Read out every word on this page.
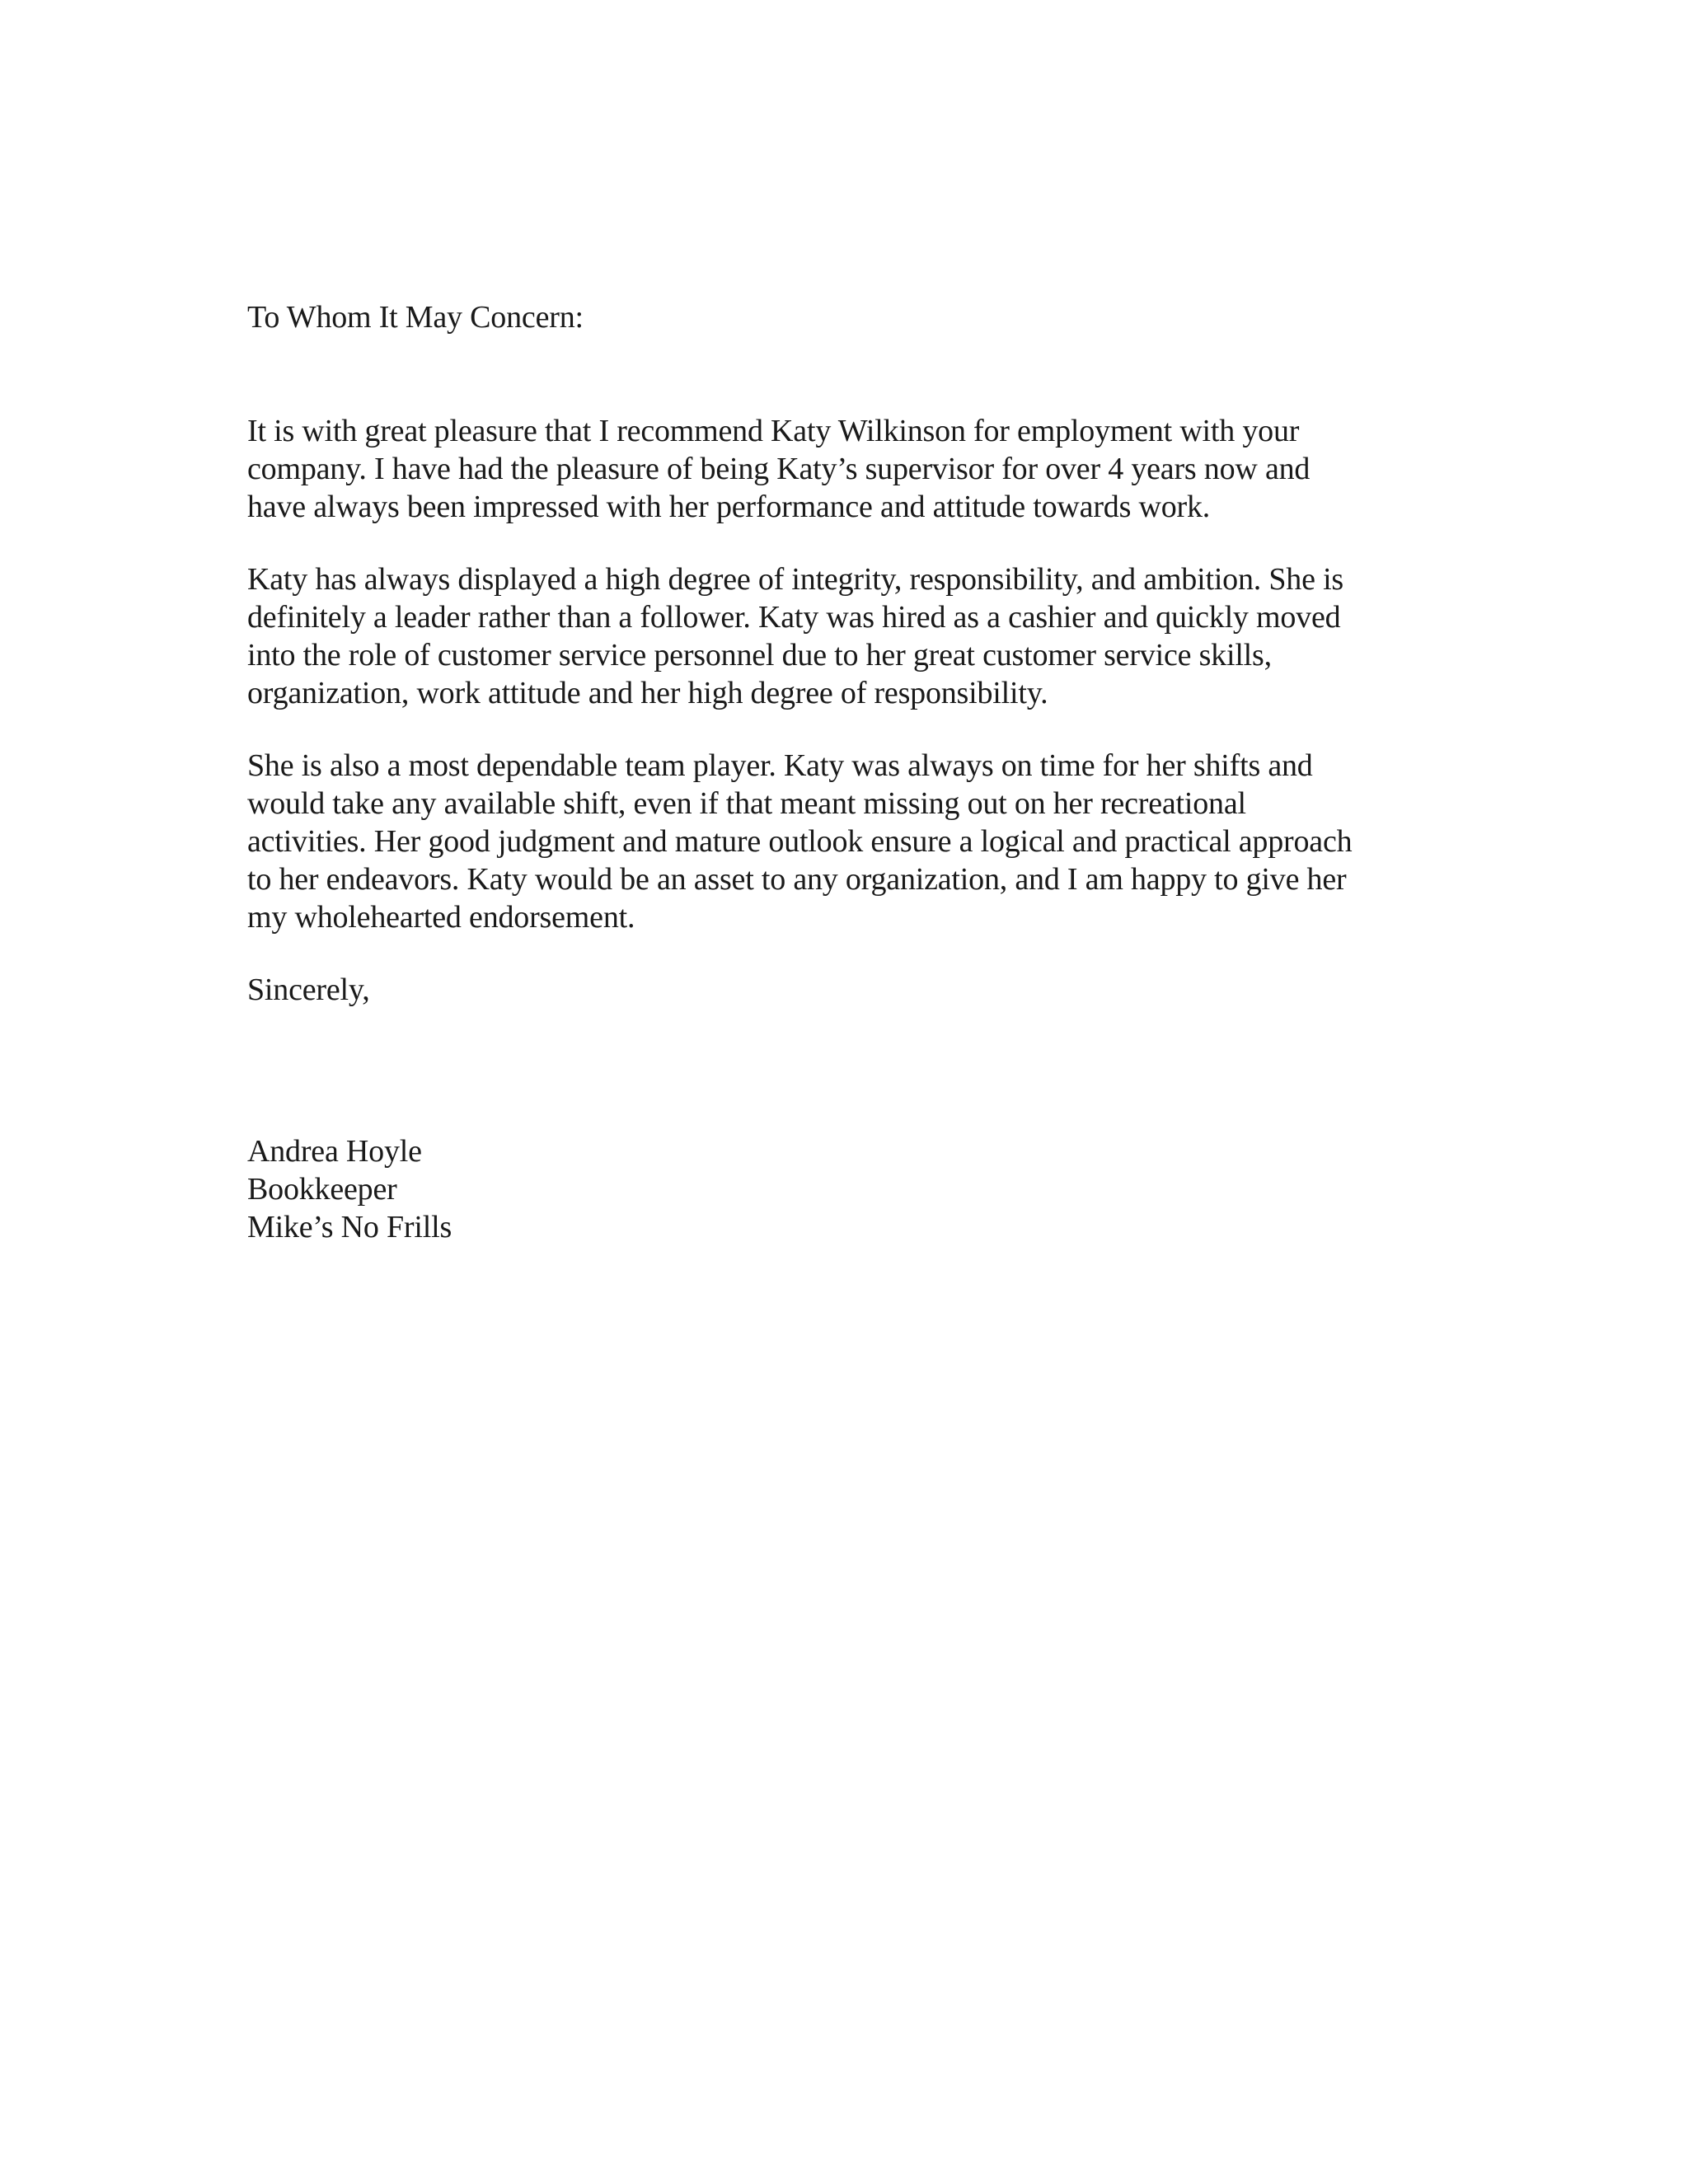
To Whom It May Concern:
It is with great pleasure that I recommend Katy Wilkinson for employment with your
company. I have had the pleasure of being Katy’s supervisor for over 4 years now and
have always been impressed with her performance and attitude towards work.
Katy has always displayed a high degree of integrity, responsibility, and ambition. She is
definitely a leader rather than a follower. Katy was hired as a cashier and quickly moved
into the role of customer service personnel due to her great customer service skills,
organization, work attitude and her high degree of responsibility.
She is also a most dependable team player. Katy was always on time for her shifts and
would take any available shift, even if that meant missing out on her recreational
activities. Her good judgment and mature outlook ensure a logical and practical approach
to her endeavors. Katy would be an asset to any organization, and I am happy to give her
my wholehearted endorsement.
Sincerely,
Andrea Hoyle
Bookkeeper
Mike’s No Frills
